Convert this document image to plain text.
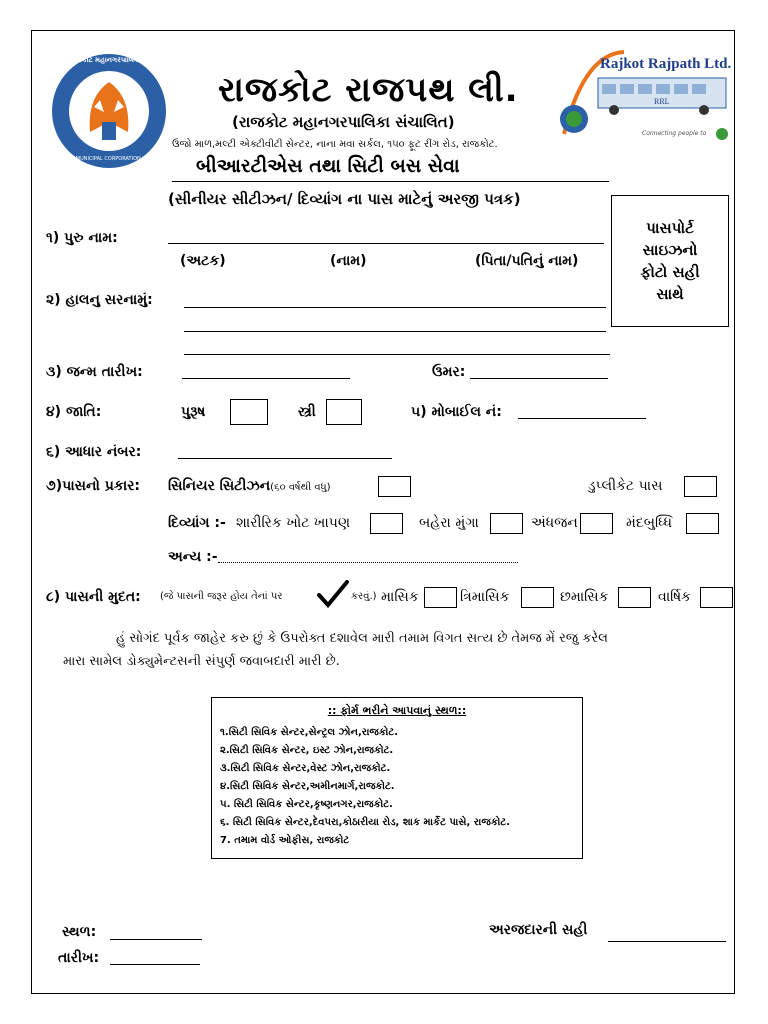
રાજકોટ મહાનગરપાલિકા
RAJKOT MUNICIPAL CORPORATION
રાજકોટ રાજપથ લી.
(રાજકોટ મહાનગરપાલિકા સંચાલિત)
ઉજો માળ,મલ્ટી એક્ટીવીટી સેન્ટર, નાના મવા સર્કલ, ૧૫૦ ફૂટ રીંગ રોડ, રાજકોટ.
બીઆરટીએસ તથા સિટી બસ સેવા
Rajkot Rajpath Ltd.
RRL
Connecting people to
(સીનીયર સીટીઝન/ દિવ્યાંગ ના પાસ માટેનું અરજી પત્રક)
પાસપોર્ટ
સાઇઝનો
ફોટો સહી
સાથે
૧) પુરુ નામ:
(અટક)	(નામ)	(પિતા/પતિનું નામ)
૨) હાલનુ સરનામું:
૩) જન્મ તારીખ:	ઉમર:
૪) જાતિ:	પુરૂષ	સ્ત્રી	૫) મોબાઈલ નં:
૬) આધાર નંબર:
૭)પાસનો પ્રકાર: સિનિયર સિટીઝન(૬૦ વર્ષથી વધુ)	ડુપ્લીકેટ પાસ
દિવ્યાંગ :- શારીરિક ખોટ ખાપણ	બહેરા મુંગા	અંધજન	મંદબુધ્ધિ
અન્ય :-
૮) પાસની મુદત: (જે પાસની જરૂર હોય તેનાં પર	કરવું.) માસિક	ત્રિમાસિક	છમાસિક	વાર્ષિક
હું સોગંદ પૂર્વક જાહેર કરુ છું કે ઉપરોક્ત દશાવેલ મારી તમામ વિગત સત્ય છે તેમજ મેં રજુ કરેલ
મારા સામેલ ડોક્યુમેન્ટસની સંપુર્ણ જવાબદારી મારી છે.
:: ફોર્મ ભરીને આપવાનું સ્થળ::
૧.સિટી સિવિક સેન્ટર,સેન્ટ્રલ ઝોન,રાજકોટ.
૨.સિટી સિવિક સેન્ટર, ઇસ્ટ ઝોન,રાજકોટ.
૩.સિટી સિવિક સેન્ટર,વેસ્ટ ઝોન,રાજકોટ.
૪.સિટી સિવિક સેન્ટર,અમીનમાર્ગ,રાજકોટ.
૫. સિટી સિવિક સેન્ટર,કૃષ્ણનગર,રાજકોટ.
૬. સિટી સિવિક સેન્ટર,દેવપરા,કોઠારીયા રોડ, શાક માર્કેટ પાસે, રાજકોટ.
7. તમામ વોર્ડ ઓફીસ, રાજકોટ
સ્થળ:
તારીખ:
અરજદારની સહી
